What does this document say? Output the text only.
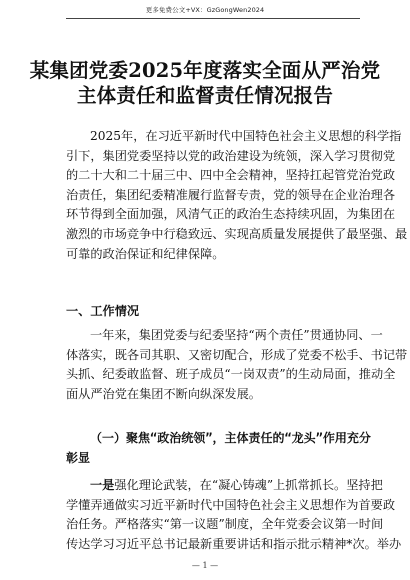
更多免费公文+VX：GzGongWen2024
某集团党委2025年度落实全面从严治党
主体责任和监督责任情况报告
2025年，在习近平新时代中国特色社会主义思想的科学指
引下，集团党委坚持以党的政治建设为统领，深入学习贯彻党
的二十大和二十届三中、四中全会精神，坚持扛起管党治党政
治责任，集团纪委精准履行监督专责，党的领导在企业治理各
环节得到全面加强，风清气正的政治生态持续巩固，为集团在
激烈的市场竞争中行稳致远、实现高质量发展提供了最坚强、最
可靠的政治保证和纪律保障。
一、工作情况
一年来，集团党委与纪委坚持“两个责任”贯通协同、一
体落实，既各司其职、又密切配合，形成了党委不松手、书记带
头抓、纪委敢监督、班子成员“一岗双责”的生动局面，推动全
面从严治党在集团不断向纵深发展。
（一）聚焦“政治统领”，主体责任的“龙头”作用充分
彰显
一是强化理论武装，在“凝心铸魂”上抓常抓长。坚持把
学懂弄通做实习近平新时代中国特色社会主义思想作为首要政
治任务。严格落实“第一议题”制度，全年党委会议第一时间
传达学习习近平总书记最新重要讲话和指示批示精神*次。举办
— 1 —
